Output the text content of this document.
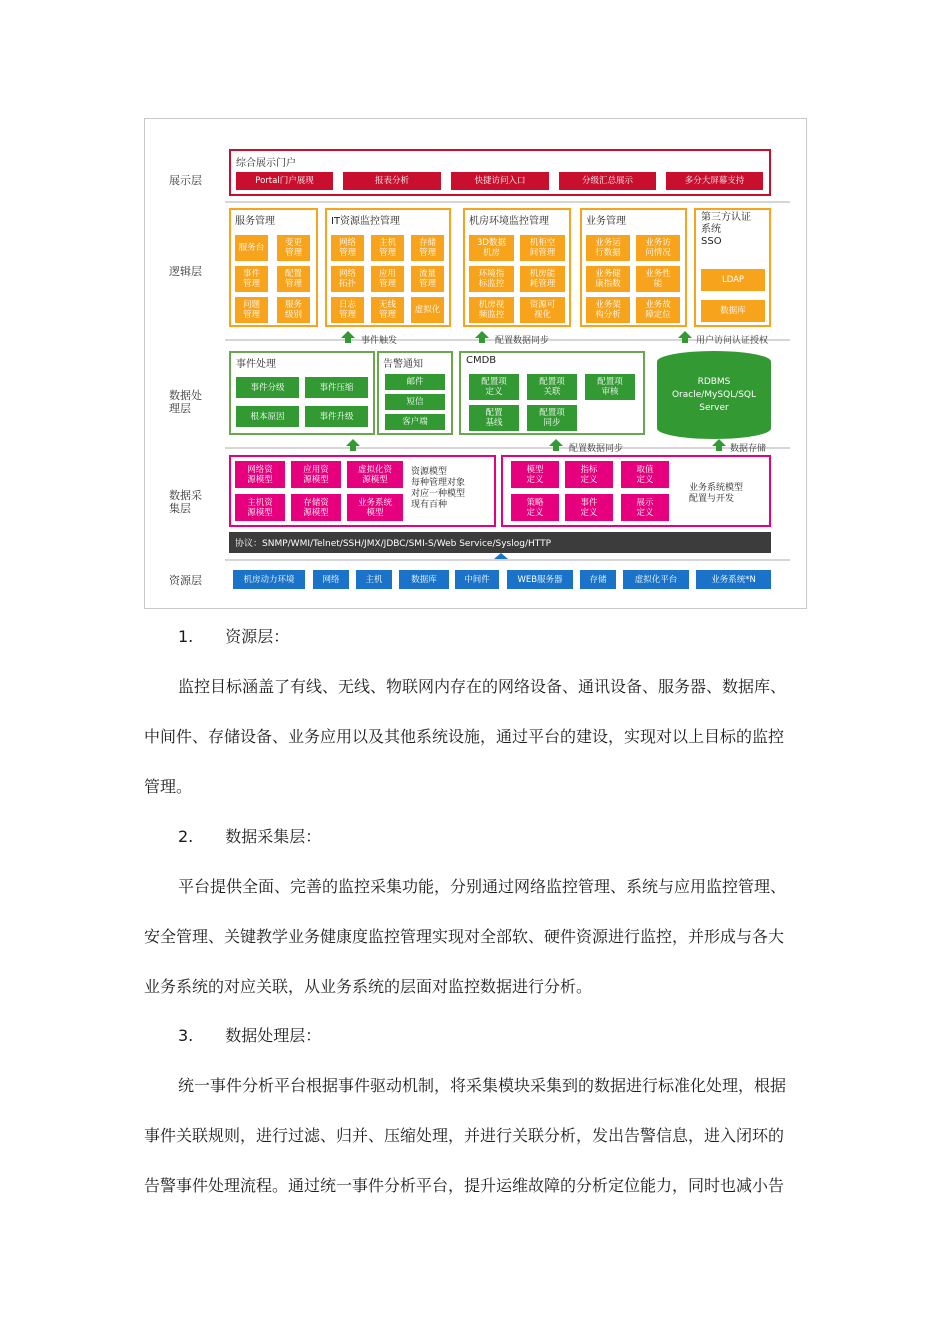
展示层
逻辑层
数据处
理层
数据采
集层
资源层
综合展示门户
Portal门户展现	报表分析	快捷访问入口	分级汇总展示	多分大屏幕支持
服务管理
服务台	变更
管理
事件
管理
配置
管理
问题
管理
服务
级别
IT资源监控管理
网络
管理
主机
管理
存储
管理
网络
拓扑
应用
管理
流量
管理
日志
管理
无线
管理	虚拟化
机房环境监控管理
3D数据
机房
机柜空
间管理
环境指
标监控
机房能
耗管理
机房视
频监控
资源可
视化
业务管理
业务运
行数据
业务访
问情况
业务健
康指数
业务性
能
业务架
构分析
业务故
障定位
第三方认证
系统
SSO
LDAP
数据库
事件触发	配置数据同步	用户访问认证授权
事件处理
事件分级	事件压缩
根本原因	事件升级
告警通知
邮件
短信
客户端
CMDB
配置项
定义
配置项
关联
配置项
审核
配置
基线
配置项
同步
RDBMS
Oracle/MySQL/SQL
Server
配置数据同步	数据存储
网络资
源模型
应用资
源模型
虚拟化资
源模型
主机资
源模型
存储资
源模型
业务系统
模型
资源模型
每种管理对象
对应一种模型
现有百种
模型
定义
指标
定义
取值
定义
策略
定义
事件
定义
展示
定义
业务系统模型
配置与开发
协议：SNMP/WMI/Telnet/SSH/JMX/JDBC/SMI-S/Web Service/Syslog/HTTP
机房动力环境	网络	主机	数据库	中间件	WEB服务器	存储	虚拟化平台	业务系统*N
1.　　资源层：
监控目标涵盖了有线、无线、物联网内存在的网络设备、通讯设备、服务器、数据库、
中间件、存储设备、业务应用以及其他系统设施，通过平台的建设，实现对以上目标的监控
管理。
2.　　数据采集层：
平台提供全面、完善的监控采集功能，分别通过网络监控管理、系统与应用监控管理、
安全管理、关键教学业务健康度监控管理实现对全部软、硬件资源进行监控，并形成与各大
业务系统的对应关联，从业务系统的层面对监控数据进行分析。
3.　　数据处理层：
统一事件分析平台根据事件驱动机制，将采集模块采集到的数据进行标准化处理，根据
事件关联规则，进行过滤、归并、压缩处理，并进行关联分析，发出告警信息，进入闭环的
告警事件处理流程。通过统一事件分析平台，提升运维故障的分析定位能力，同时也减小告
